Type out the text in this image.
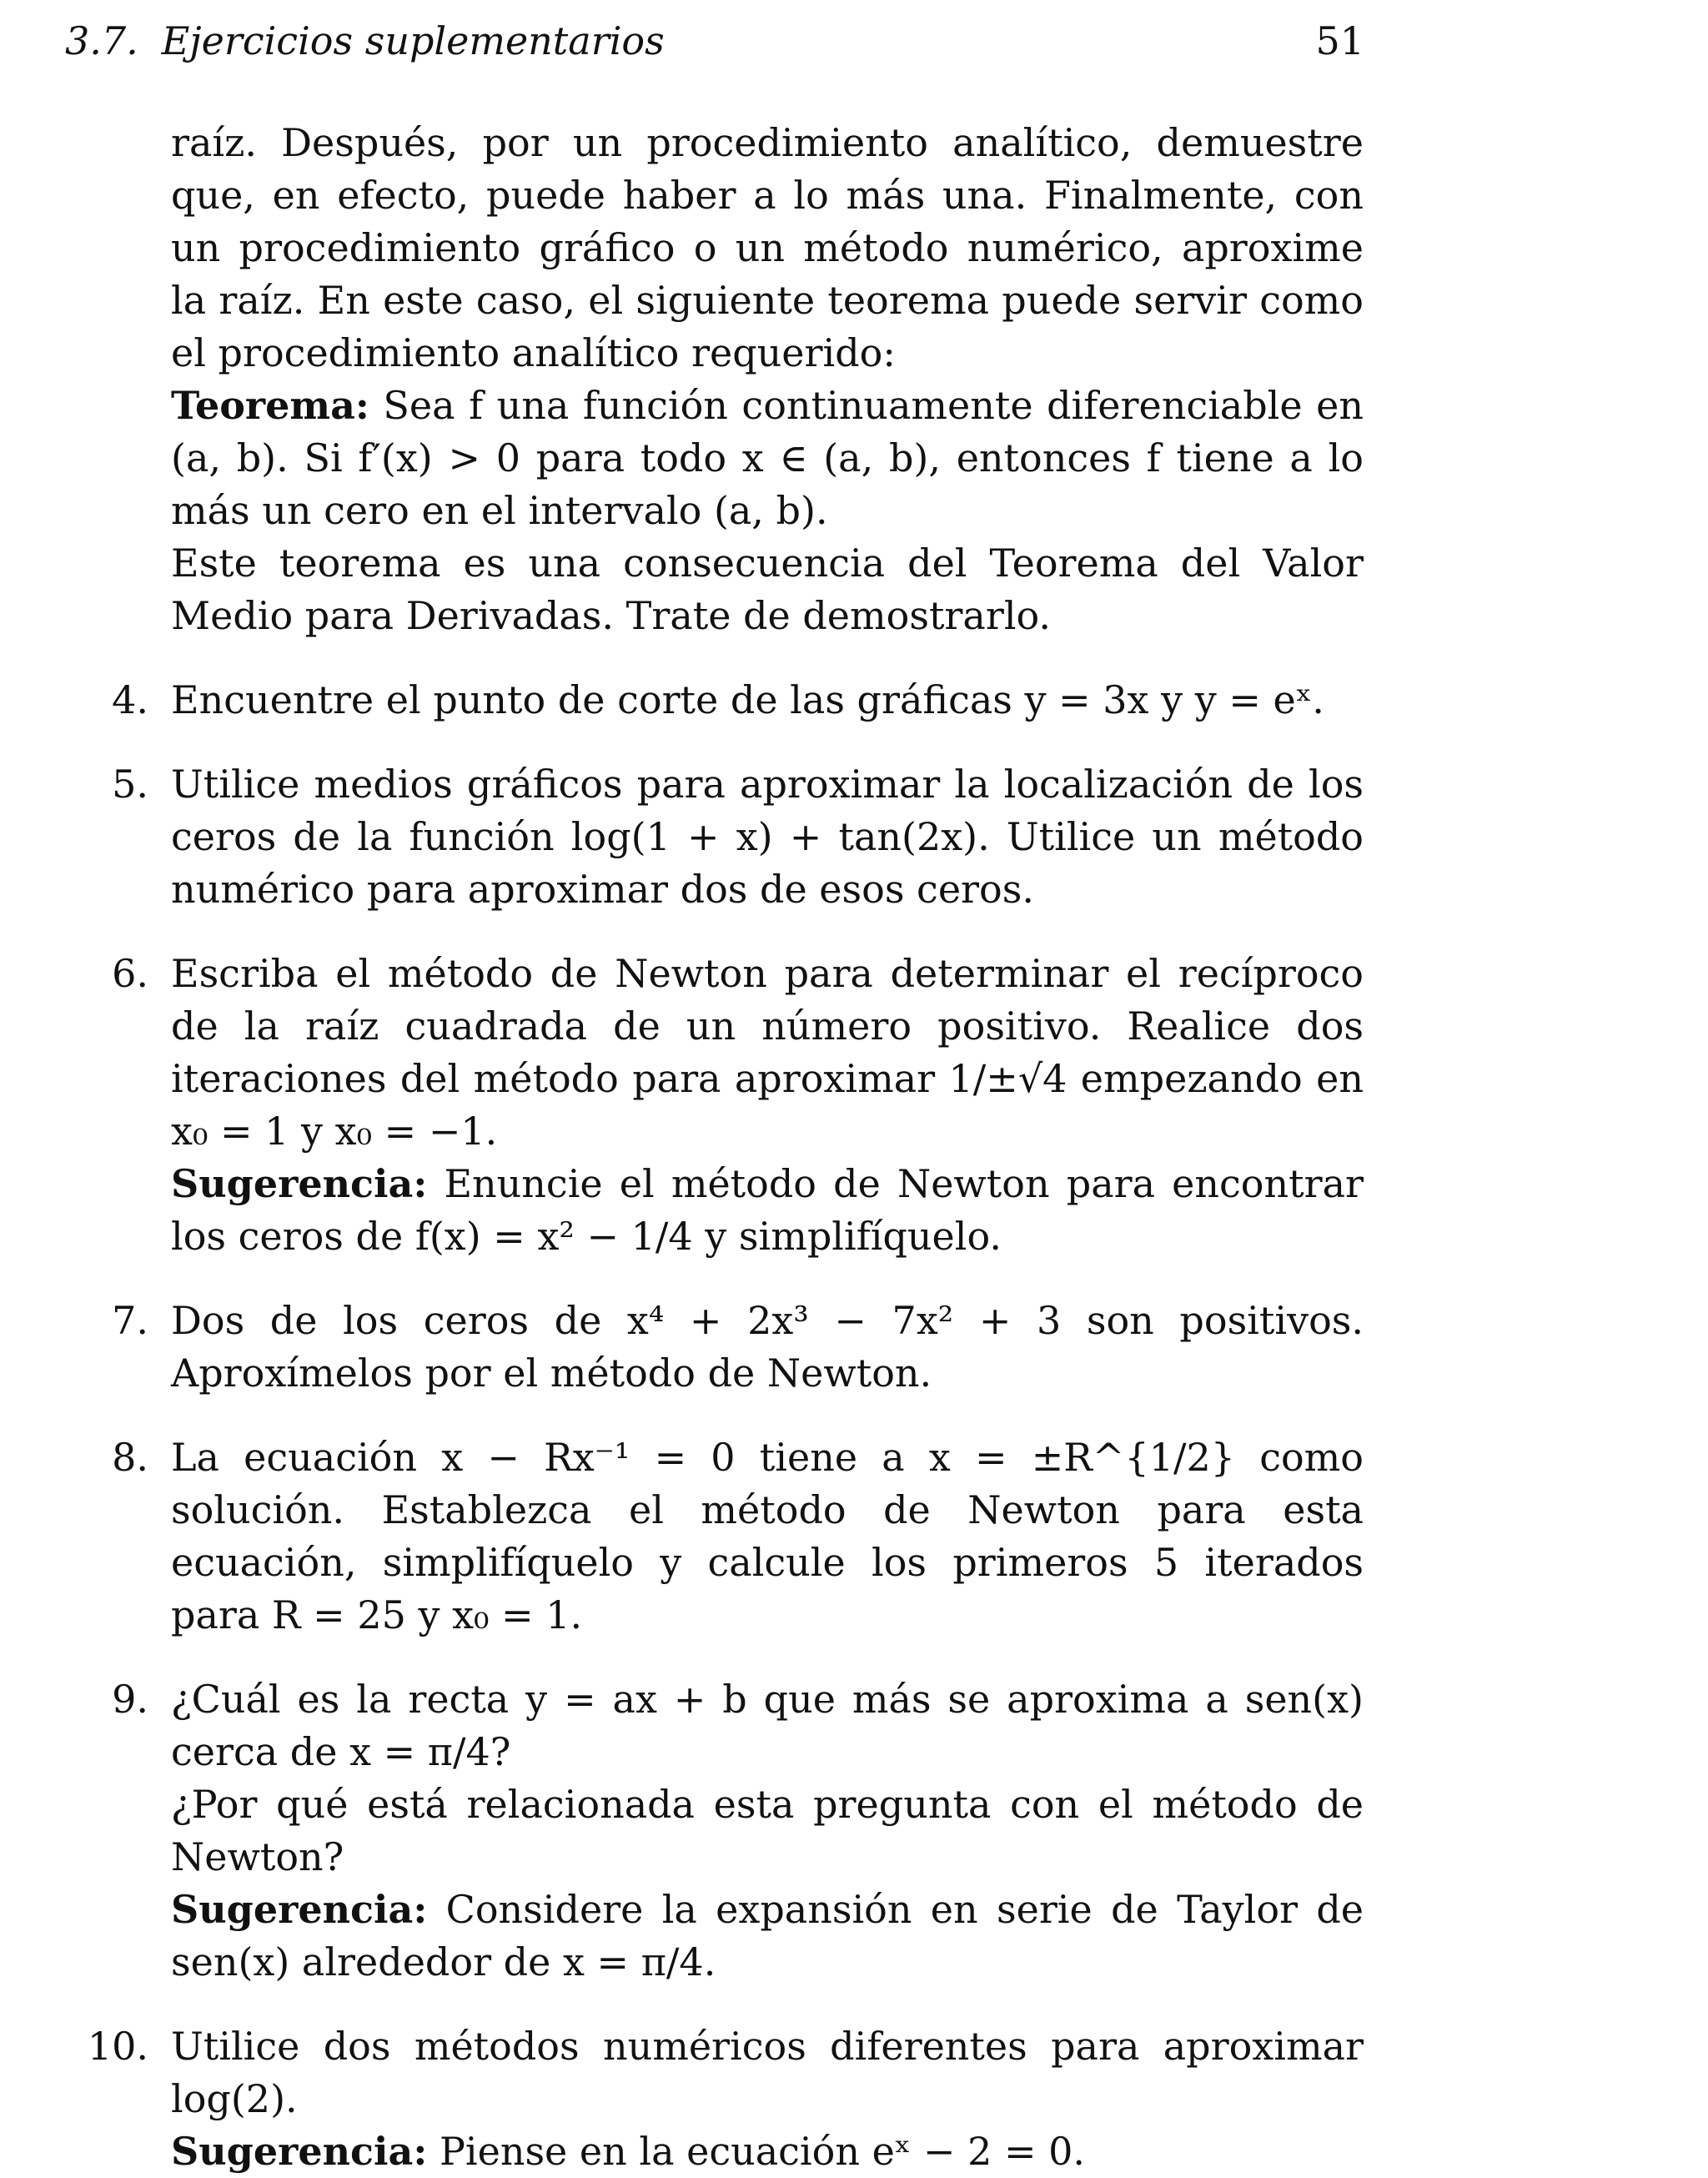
3.7. Ejercicios suplementarios	51
raíz. Después, por un procedimiento analítico, demuestre que, en efecto, puede haber a lo más una. Finalmente, con un procedimiento gráfico o un método numérico, aproxime la raíz. En este caso, el siguiente teorema puede servir como el procedimiento analítico requerido:
Teorema: Sea f una función continuamente diferenciable en (a, b). Si f′(x) > 0 para todo x ∈ (a, b), entonces f tiene a lo más un cero en el intervalo (a, b).
Este teorema es una consecuencia del Teorema del Valor Medio para Derivadas. Trate de demostrarlo.
4. Encuentre el punto de corte de las gráficas y = 3x y y = eˣ.
5. Utilice medios gráficos para aproximar la localización de los ceros de la función log(1 + x) + tan(2x). Utilice un método numérico para aproximar dos de esos ceros.
6. Escriba el método de Newton para determinar el recíproco de la raíz cuadrada de un número positivo. Realice dos iteraciones del método para aproximar 1/±√4 empezando en x₀ = 1 y x₀ = −1.
Sugerencia: Enuncie el método de Newton para encontrar los ceros de f(x) = x² − 1/4 y simplifíquelo.
7. Dos de los ceros de x⁴ + 2x³ − 7x² + 3 son positivos. Aproxímelos por el método de Newton.
8. La ecuación x − Rx⁻¹ = 0 tiene a x = ±R^{1/2} como solución. Establezca el método de Newton para esta ecuación, simplifíquelo y calcule los primeros 5 iterados para R = 25 y x₀ = 1.
9. ¿Cuál es la recta y = ax + b que más se aproxima a sen(x) cerca de x = π/4?
¿Por qué está relacionada esta pregunta con el método de Newton?
Sugerencia: Considere la expansión en serie de Taylor de sen(x) alrededor de x = π/4.
10. Utilice dos métodos numéricos diferentes para aproximar log(2).
Sugerencia: Piense en la ecuación eˣ − 2 = 0.
